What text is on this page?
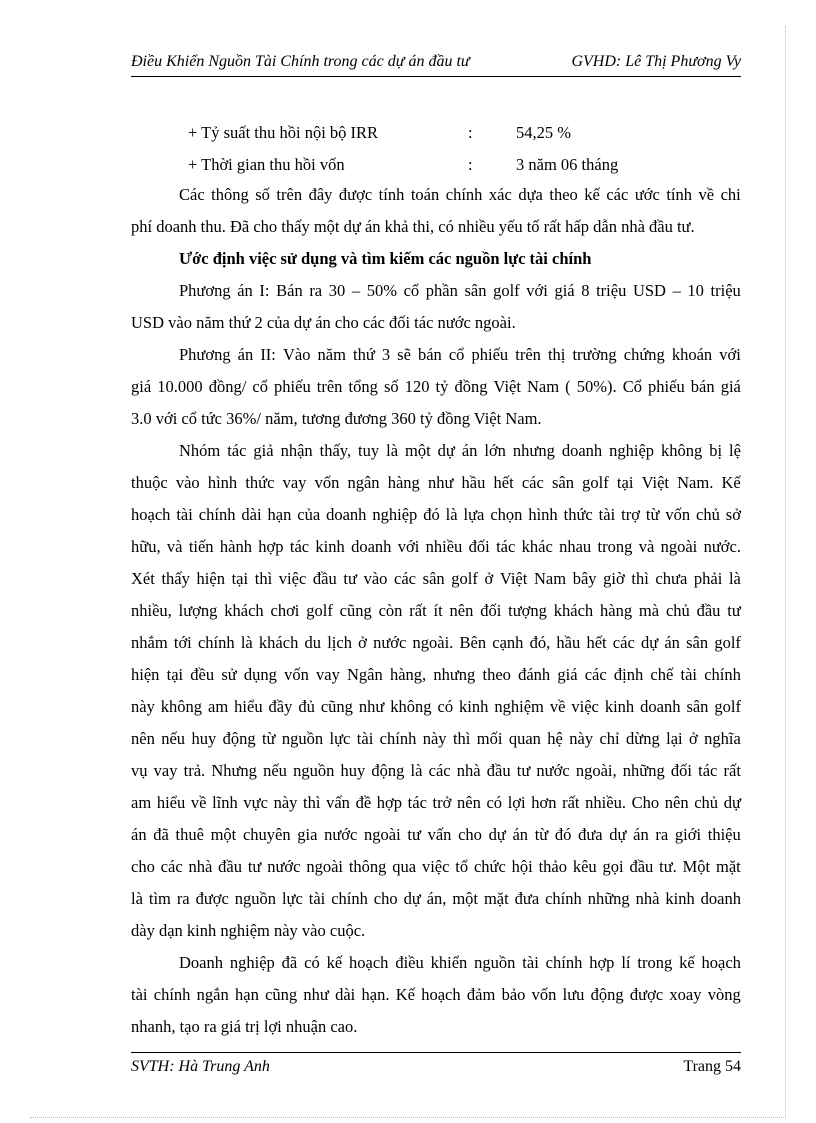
Điều Khiển Nguồn Tài Chính trong các dự án đầu tư	GVHD: Lê Thị Phương Vy
+ Tỷ suất thu hồi nội bộ IRR	:	54,25 %
+ Thời gian thu hồi vốn	:	3 năm 06 tháng
Các thông số trên đây được tính toán chính xác dựa theo kế các ước tính về chi
phí doanh thu. Đã cho thấy một dự án khả thi, có nhiều yếu tố rất hấp dẫn nhà đầu tư.
Ước định việc sử dụng và tìm kiếm các nguồn lực tài chính
Phương án I: Bán ra 30 – 50% cổ phần sân golf với giá 8 triệu USD – 10 triệu
USD vào năm thứ 2 của dự án cho các đối tác nước ngoài.
Phương án II: Vào năm thứ 3 sẽ bán cổ phiếu trên thị trường chứng khoán với
giá 10.000 đồng/ cổ phiếu trên tổng số 120 tỷ đồng Việt Nam ( 50%). Cổ phiếu bán giá
3.0 với cổ tức 36%/ năm, tương đương 360 tỷ đồng Việt Nam.
Nhóm tác giả nhận thấy, tuy là một dự án lớn nhưng doanh nghiệp không bị lệ
thuộc vào hình thức vay vốn ngân hàng như hầu hết các sân golf tại Việt Nam. Kế
hoạch tài chính dài hạn của doanh nghiệp đó là lựa chọn hình thức tài trợ từ vốn chủ sở
hữu, và tiến hành hợp tác kinh doanh với nhiều đối tác khác nhau trong và ngoài nước.
Xét thấy hiện tại thì việc đầu tư vào các sân golf ở Việt Nam bây giờ thì chưa phải là
nhiều, lượng khách chơi golf cũng còn rất ít nên đối tượng khách hàng mà chủ đầu tư
nhắm tới chính là khách du lịch ở nước ngoài. Bên cạnh đó, hầu hết các dự án sân golf
hiện tại đều sử dụng vốn vay Ngân hàng, nhưng theo đánh giá các định chế tài chính
này không am hiểu đầy đủ cũng như không có kinh nghiệm về việc kinh doanh sân golf
nên nếu huy động từ nguồn lực tài chính này thì mối quan hệ này chỉ dừng lại ở nghĩa
vụ vay trả. Nhưng nếu nguồn huy động là các nhà đầu tư nước ngoài, những đối tác rất
am hiểu về lĩnh vực này thì vấn đề hợp tác trở nên có lợi hơn rất nhiều. Cho nên chủ dự
án đã thuê một chuyên gia nước ngoài tư vấn cho dự án từ đó đưa dự án ra giới thiệu
cho các nhà đầu tư nước ngoài thông qua việc tổ chức hội thảo kêu gọi đầu tư. Một mặt
là tìm ra được nguồn lực tài chính cho dự án, một mặt đưa chính những nhà kinh doanh
dày dạn kinh nghiệm này vào cuộc.
Doanh nghiệp đã có kế hoạch điều khiển nguồn tài chính hợp lí trong kế hoạch
tài chính ngắn hạn cũng như dài hạn. Kế hoạch đảm bảo vốn lưu động được xoay vòng
nhanh, tạo ra giá trị lợi nhuận cao.
SVTH: Hà Trung Anh	Trang 54
